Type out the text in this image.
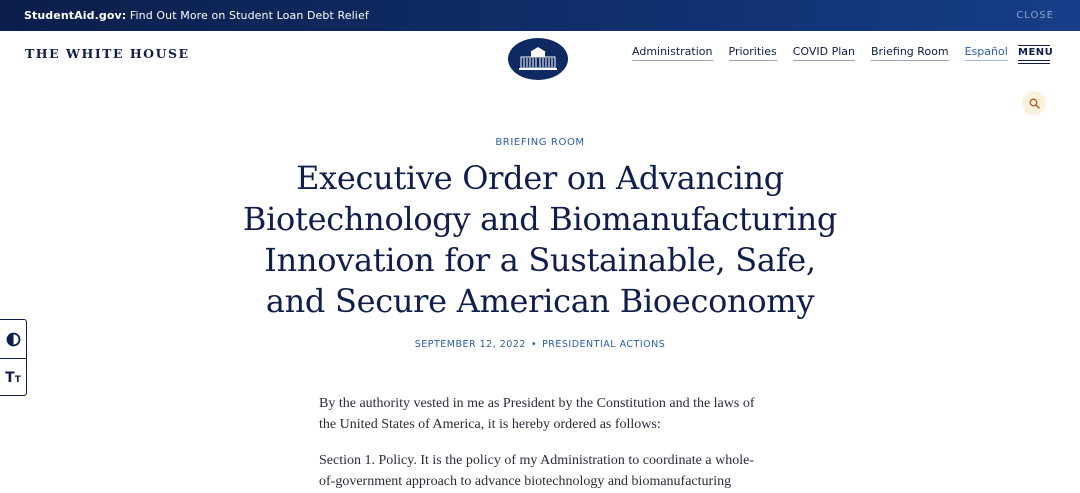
StudentAid.gov: Find Out More on Student Loan Debt Relief	CLOSE
THE WHITE HOUSE	Administration Priorities COVID Plan Briefing Room Español MENU
BRIEFING ROOM
Executive Order on Advancing Biotechnology and Biomanufacturing Innovation for a Sustainable, Safe, and Secure American Bioeconomy
SEPTEMBER 12, 2022 • PRESIDENTIAL ACTIONS

By the authority vested in me as President by the Constitution and the laws of the United States of America, it is hereby ordered as follows:

Section 1. Policy. It is the policy of my Administration to coordinate a whole-of-government approach to advance biotechnology and biomanufacturing

TT
